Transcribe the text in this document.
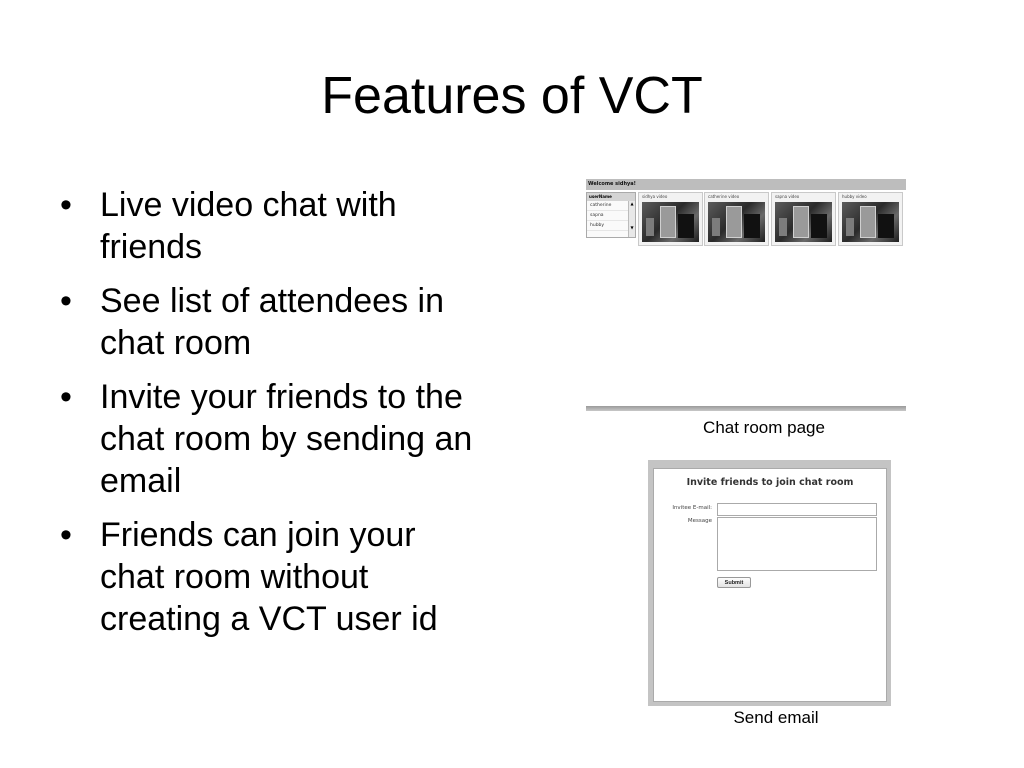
Features of VCT
• Live video chat with friends
• See list of attendees in chat room
• Invite your friends to the chat room by sending an email
• Friends can join your chat room without creating a VCT user id
Welcome sidhya!
userName
catherine
sapna
hubby
▲
▼
sidhya video	catherine video	sapna video	hubby video
Chat room page
Invite friends to join chat room
Invitee E-mail:
Message
Submit
Send email
